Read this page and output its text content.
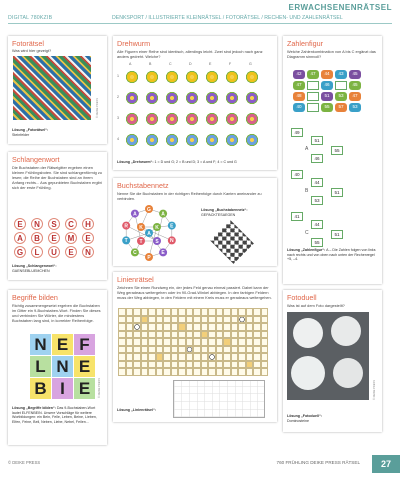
ERWACHSENENRÄTSEL
DIGITAL 780KZIB	DENKSPORT / ILLUSTRIERTE KLEINRÄTSEL / FOTORÄTSEL / RECHEN- UND ZAHLENRÄTSEL
Fotorätsel
Was wird hier gezeigt?
© DEIKE PRESS
Lösung „Fotorätsel“:
Steinfelder
Schlangenwort
Die Buchstaben der Rätselgitter ergeben einen kleinen Frühlingsboten. Sie sind schlangenförmig zu lesen; die Reihe der Buchstaben sind an ihrem Anfang rechts... Aus gepunkteten Buchstaben ergibt sich der erste Frühling.
E	N	S	C	H
A	B	E	M	E
G	L	U	E	N
Lösung „Schlangenwort“:
GAENSEBLUEMCHEN
Begriffe bilden
Richtig zusammengesetzt ergeben die Buchstaben im Gitter ein 9-Buchstaben-Wort. Finden Sie dieses und verbinden Sie Wörter, die mindestens Buchstaben lang sind, in korrekter Reihenfolge.
N E F
L N E
B I E	© DEIKE PRESS
Lösung „Begriffe bilden“: Das 9-Buchstaben-Wort lautet ELFENBEIN. Unsere Vorschläge für weitere Wortbildungen: ein Bein, Felle, Leben, Beine, Lieben, Elfen, Feine, Beil, Neben, Liebe, Nebel, Feilen...
Drehwurm
Alle Figuren einer Reihe sind identisch, allerdings leicht. Zwei sind jedoch nach ganz anders gedreht. Welche?
A	B	C	D	E	F	G
1
2
3
4
Lösung „Drehwurm“: 1 = D und G; 2 = B und D; 3 = A und F; 4 = C und G
Buchstabennetz
Nenne Sie die Buchstaben in der richtigen Reihenfolge durch Kanten aneinander zu verbinden.
G
A
E
N
E
P
C
T
R
A
K K
A
T	S
Lösung „Buchstabennetz“:
GEPACKTESAEGEN
Linienrätsel
Zeichnen Sie einen Rundweg ein, der jedes Feld genau einmal passiert. Dabei kann der Weg geradeaus weitergehen oder im 90-Grad-Winkel abbiegen. In den farbigen Feldern muss der Weg abbiegen, in den Feldern mit einem Kreis muss er geradeaus weitergehen.
Lösung „Linienrätsel“:
Zahlenfigur
Welche Zahlenkombination von A bis C ergänzt das Diagramm sinnvoll?
42	47	44	43	45
47	46	45
48	51	53	47
40	55	57	53
A
49
51
55
46
B
40
44
51
53
C
41
44
51
55
Lösung „Zahlenfigur“: A – Die Zahlen folgen von links nach rechts und von oben nach unten der Rechenregel +5, –4.
Fotoduell
Was ist auf dem Foto dargestellt?
© DEIKE PRESS
Lösung „Fotoduell“:
Dominosteine
© DEIKE PRESS	760 FRÜHLING DEIKE PRESS RÄTSEL	27
